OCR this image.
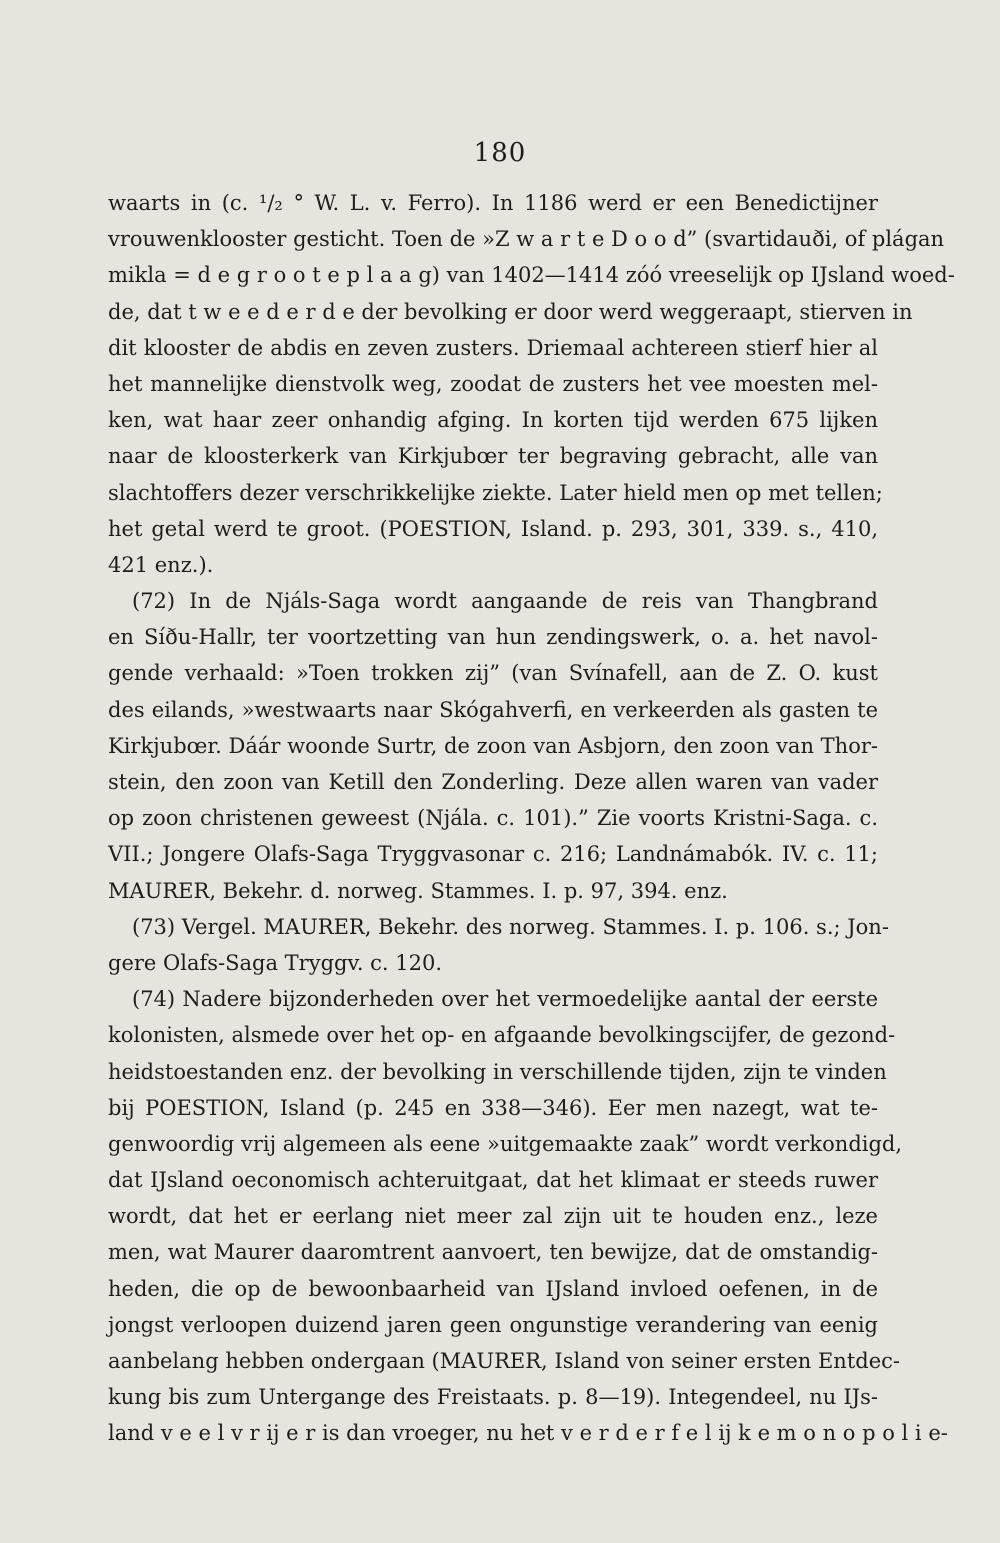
180
waarts in (c. ¹/₂ ° W. L. v. Ferro). In 1186 werd er een Benedictijner
vrouwenklooster gesticht. Toen de »Z w a r t e D o o d” (svartidauði, of plágan
mikla = d e g r o o t e p l a a g) van 1402—1414 zóó vreeselijk op IJsland woed-
de, dat t w e e d e r d e der bevolking er door werd weggeraapt, stierven in
dit klooster de abdis en zeven zusters. Driemaal achtereen stierf hier al
het mannelijke dienstvolk weg, zoodat de zusters het vee moesten mel-
ken, wat haar zeer onhandig afging. In korten tijd werden 675 lijken
naar de kloosterkerk van Kirkjubœr ter begraving gebracht, alle van
slachtoffers dezer verschrikkelijke ziekte. Later hield men op met tellen;
het getal werd te groot. (POESTION, Island. p. 293, 301, 339. s., 410,
421 enz.).
(72) In de Njáls-Saga wordt aangaande de reis van Thangbrand
en Síðu-Hallr, ter voortzetting van hun zendingswerk, o. a. het navol-
gende verhaald: »Toen trokken zij” (van Svínafell, aan de Z. O. kust
des eilands, »westwaarts naar Skógahverfi, en verkeerden als gasten te
Kirkjubœr. Dáár woonde Surtr, de zoon van Asbjorn, den zoon van Thor-
stein, den zoon van Ketill den Zonderling. Deze allen waren van vader
op zoon christenen geweest (Njála. c. 101).” Zie voorts Kristni-Saga. c.
VII.; Jongere Olafs-Saga Tryggvasonar c. 216; Landnámabók. IV. c. 11;
MAURER, Bekehr. d. norweg. Stammes. I. p. 97, 394. enz.
(73) Vergel. MAURER, Bekehr. des norweg. Stammes. I. p. 106. s.; Jon-
gere Olafs-Saga Tryggv. c. 120.
(74) Nadere bijzonderheden over het vermoedelijke aantal der eerste
kolonisten, alsmede over het op- en afgaande bevolkingscijfer, de gezond-
heidstoestanden enz. der bevolking in verschillende tijden, zijn te vinden
bij POESTION, Island (p. 245 en 338—346). Eer men nazegt, wat te-
genwoordig vrij algemeen als eene »uitgemaakte zaak” wordt verkondigd,
dat IJsland oeconomisch achteruitgaat, dat het klimaat er steeds ruwer
wordt, dat het er eerlang niet meer zal zijn uit te houden enz., leze
men, wat Maurer daaromtrent aanvoert, ten bewijze, dat de omstandig-
heden, die op de bewoonbaarheid van IJsland invloed oefenen, in de
jongst verloopen duizend jaren geen ongunstige verandering van eenig
aanbelang hebben ondergaan (MAURER, Island von seiner ersten Entdec-
kung bis zum Untergange des Freistaats. p. 8—19). Integendeel, nu IJs-
land v e e l v r ij e r is dan vroeger, nu het v e r d e r f e l ij k e m o n o p o l i e-
